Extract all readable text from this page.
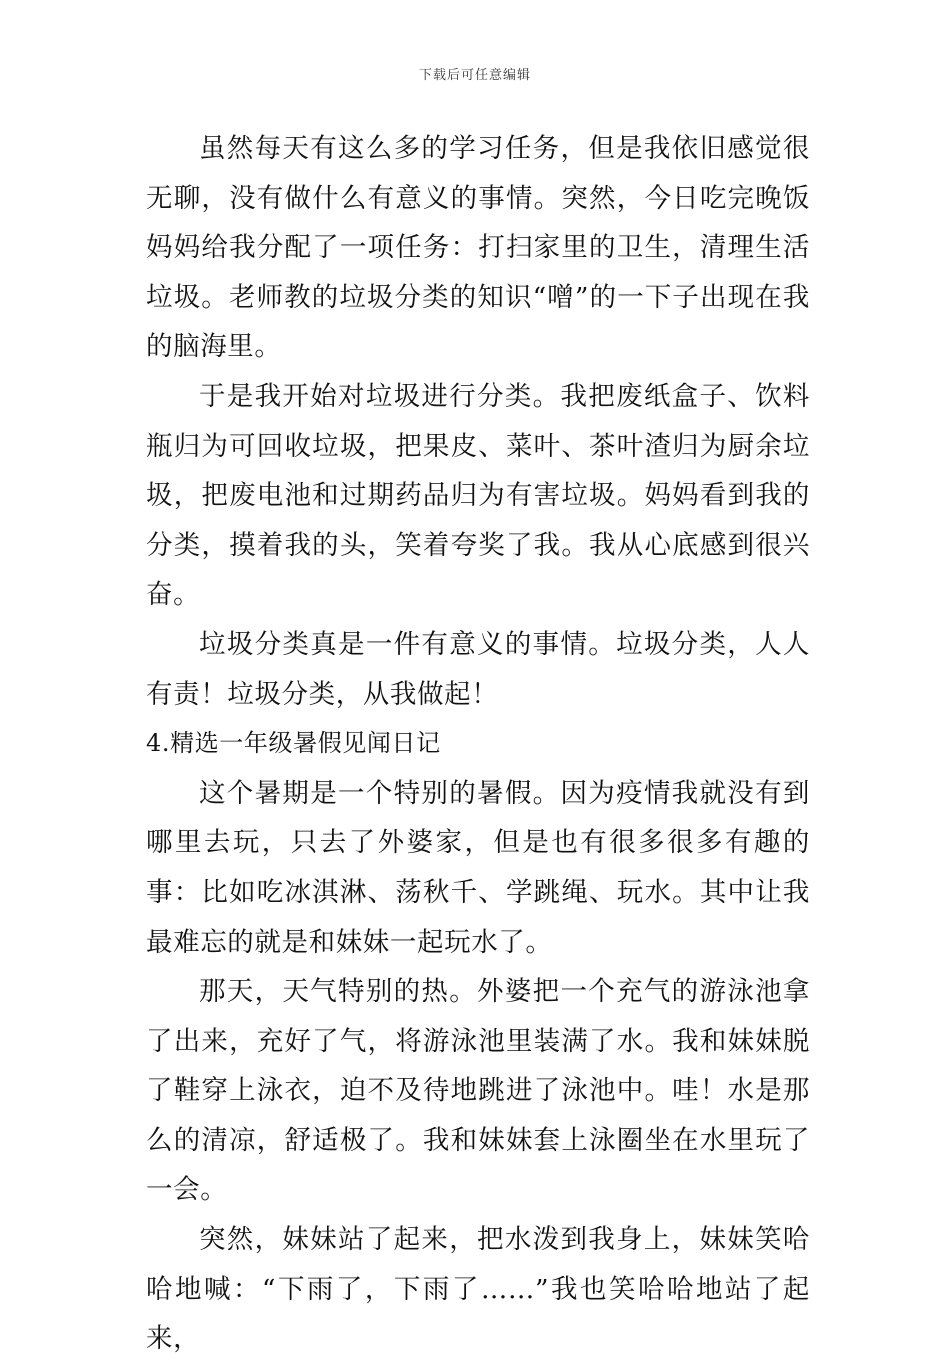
下载后可任意编辑

虽然每天有这么多的学习任务，但是我依旧感觉很无聊，没有做什么有意义的事情。突然，今日吃完晚饭妈妈给我分配了一项任务：打扫家里的卫生，清理生活垃圾。老师教的垃圾分类的知识“噌”的一下子出现在我的脑海里。

于是我开始对垃圾进行分类。我把废纸盒子、饮料瓶归为可回收垃圾，把果皮、菜叶、茶叶渣归为厨余垃圾，把废电池和过期药品归为有害垃圾。妈妈看到我的分类，摸着我的头，笑着夸奖了我。我从心底感到很兴奋。

垃圾分类真是一件有意义的事情。垃圾分类，人人有责！垃圾分类，从我做起！

4.精选一年级暑假见闻日记

这个暑期是一个特别的暑假。因为疫情我就没有到哪里去玩，只去了外婆家，但是也有很多很多有趣的事：比如吃冰淇淋、荡秋千、学跳绳、玩水。其中让我最难忘的就是和妹妹一起玩水了。

那天，天气特别的热。外婆把一个充气的游泳池拿了出来，充好了气，将游泳池里装满了水。我和妹妹脱了鞋穿上泳衣，迫不及待地跳进了泳池中。哇！水是那么的清凉，舒适极了。我和妹妹套上泳圈坐在水里玩了一会。

突然，妹妹站了起来，把水泼到我身上，妹妹笑哈哈地喊：“下雨了，下雨了……”我也笑哈哈地站了起来，
